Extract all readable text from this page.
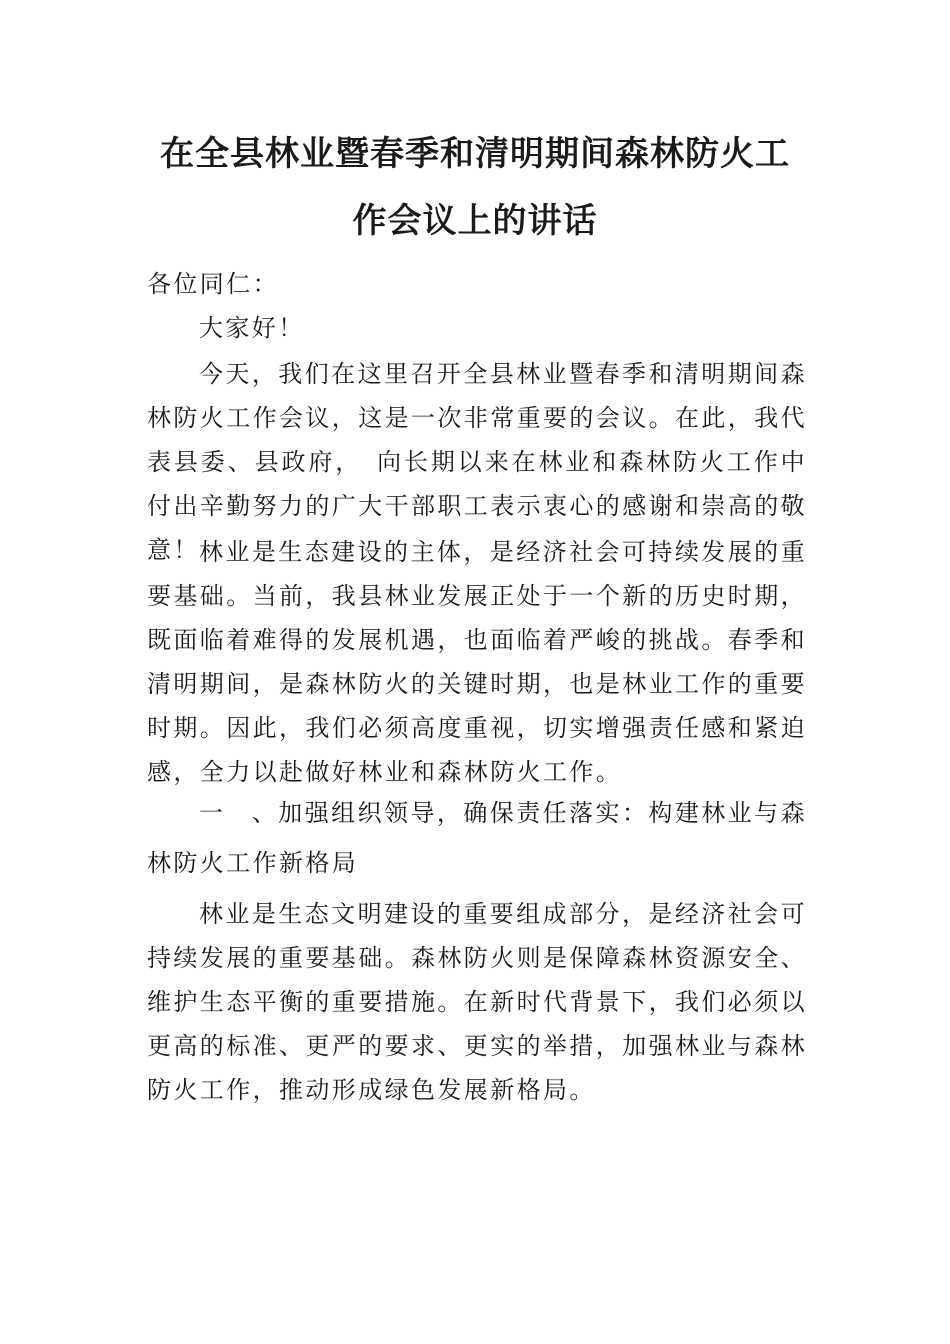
在全县林业暨春季和清明期间森林防火工
作会议上的讲话
各位同仁：

大家好！

今天，我们在这里召开全县林业暨春季和清明期间森林防火工作会议，这是一次非常重要的会议。在此，我代表县委、县政府，　向长期以来在林业和森林防火工作中付出辛勤努力的广大干部职工表示衷心的感谢和崇高的敬意！ 林业是生态建设的主体，是经济社会可持续发展的重要基础。当前，我县林业发展正处于一个新的历史时期，既面临着难得的发展机遇，也面临着严峻的挑战。春季和清明期间，是森林防火的关键时期，也是林业工作的重要时期。因此，我们必须高度重视，切实增强责任感和紧迫感，全力以赴做好林业和森林防火工作。

一　、加强组织领导，确保责任落实：构建林业与森林防火工作新格局

林业是生态文明建设的重要组成部分，是经济社会可持续发展的重要基础。森林防火则是保障森林资源安全、维护生态平衡的重要措施。在新时代背景下，我们必须以更高的标准、更严的要求、更实的举措，加强林业与森林防火工作，推动形成绿色发展新格局。
